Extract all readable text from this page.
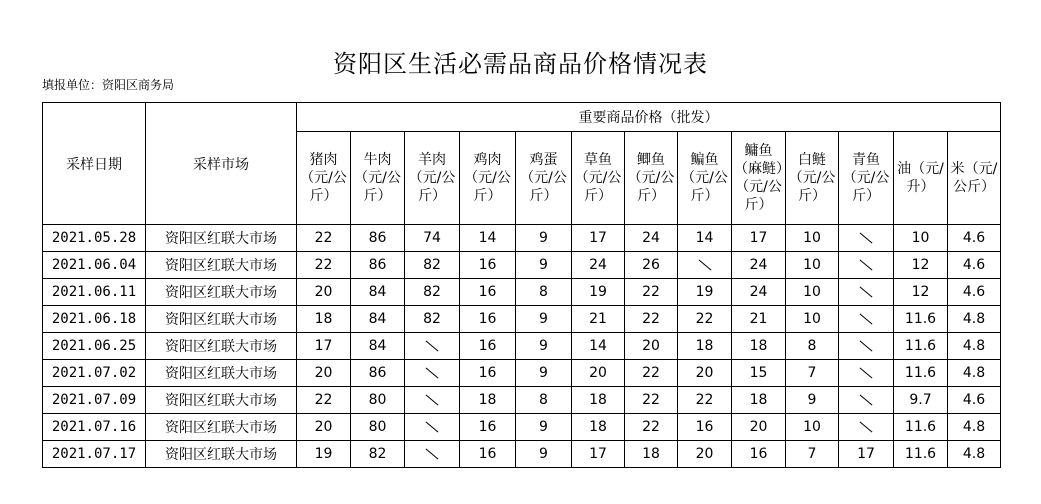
资阳区生活必需品商品价格情况表
填报单位：资阳区商务局
采样日期	采样市场	重要商品价格（批发）												
		猪肉（元/公斤）	牛肉（元/公斤）	羊肉（元/公斤）	鸡肉（元/公斤）	鸡蛋（元/公斤）	草鱼（元/公斤）	鲫鱼（元/公斤）	鳊鱼（元/公斤）	鳙鱼（麻鲢）（元/公斤）	白鲢（元/公斤）	青鱼（元/公斤）	油（元/升）	米（元/公斤）
2021.05.28	资阳区红联大市场	22	86	74	14	9	17	24	14	17	10		10	4.6
2021.06.04	资阳区红联大市场	22	86	82	16	9	24	26		24	10		12	4.6
2021.06.11	资阳区红联大市场	20	84	82	16	8	19	22	19	24	10		12	4.6
2021.06.18	资阳区红联大市场	18	84	82	16	9	21	22	22	21	10		11.6	4.8
2021.06.25	资阳区红联大市场	17	84		16	9	14	20	18	18	8		11.6	4.8
2021.07.02	资阳区红联大市场	20	86		16	9	20	22	20	15	7		11.6	4.8
2021.07.09	资阳区红联大市场	22	80		18	8	18	22	22	18	9		9.7	4.6
2021.07.16	资阳区红联大市场	20	80		16	9	18	22	16	20	10		11.6	4.8
2021.07.17	资阳区红联大市场	19	82		16	9	17	18	20	16	7	17	11.6	4.8
